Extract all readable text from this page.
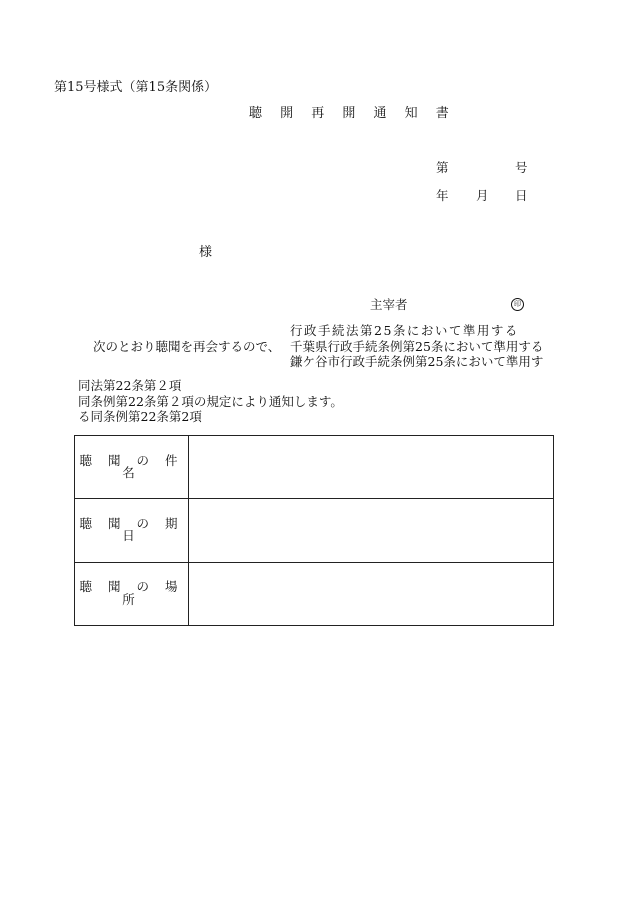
第15号様式（第15条関係）
聴 開 再 開 通 知 書
第	号
年 月 日
様
主宰者	印
行政手続法第25条において準用する
千葉県行政手続条例第25条において準用する
鎌ケ谷市行政手続条例第25条において準用す
次のとおり聴聞を再会するので、
同法第22条第２項
同条例第22条第２項の規定により通知します。
る同条例第22条第2項
聴 聞 の 件 名	
聴 聞 の 期 日	
聴 聞 の 場 所	
